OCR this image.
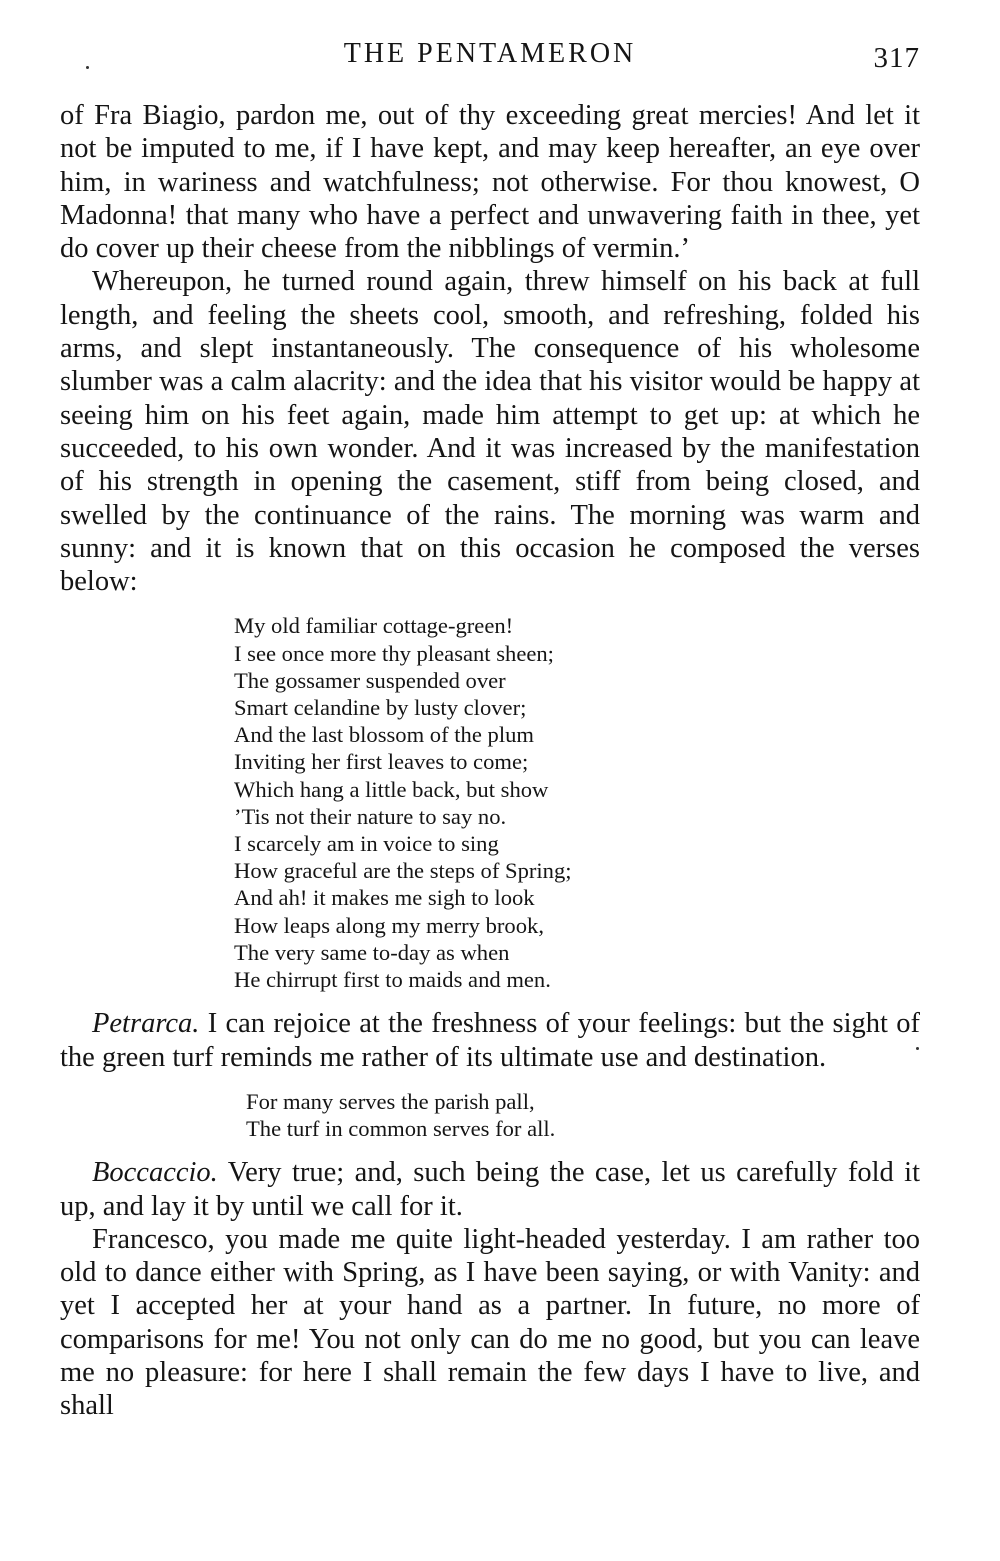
THE PENTAMERON	317

of Fra Biagio, pardon me, out of thy exceeding great mercies! And let it not be imputed to me, if I have kept, and may keep hereafter, an eye over him, in wariness and watchfulness; not otherwise. For thou knowest, O Madonna! that many who have a perfect and unwavering faith in thee, yet do cover up their cheese from the nibblings of vermin.’

Whereupon, he turned round again, threw himself on his back at full length, and feeling the sheets cool, smooth, and refreshing, folded his arms, and slept instantaneously. The consequence of his wholesome slumber was a calm alacrity: and the idea that his visitor would be happy at seeing him on his feet again, made him attempt to get up: at which he succeeded, to his own wonder. And it was increased by the manifestation of his strength in opening the casement, stiff from being closed, and swelled by the continuance of the rains. The morning was warm and sunny: and it is known that on this occasion he composed the verses below:

My old familiar cottage-green!
I see once more thy pleasant sheen;
The gossamer suspended over
Smart celandine by lusty clover;
And the last blossom of the plum
Inviting her first leaves to come;
Which hang a little back, but show
’Tis not their nature to say no.
I scarcely am in voice to sing
How graceful are the steps of Spring;
And ah! it makes me sigh to look
How leaps along my merry brook,
The very same to-day as when
He chirrupt first to maids and men.

Petrarca. I can rejoice at the freshness of your feelings: but the sight of the green turf reminds me rather of its ultimate use and destination.

For many serves the parish pall,
The turf in common serves for all.

Boccaccio. Very true; and, such being the case, let us carefully fold it up, and lay it by until we call for it.

Francesco, you made me quite light-headed yesterday. I am rather too old to dance either with Spring, as I have been saying, or with Vanity: and yet I accepted her at your hand as a partner. In future, no more of comparisons for me! You not only can do me no good, but you can leave me no pleasure: for here I shall remain the few days I have to live, and shall
